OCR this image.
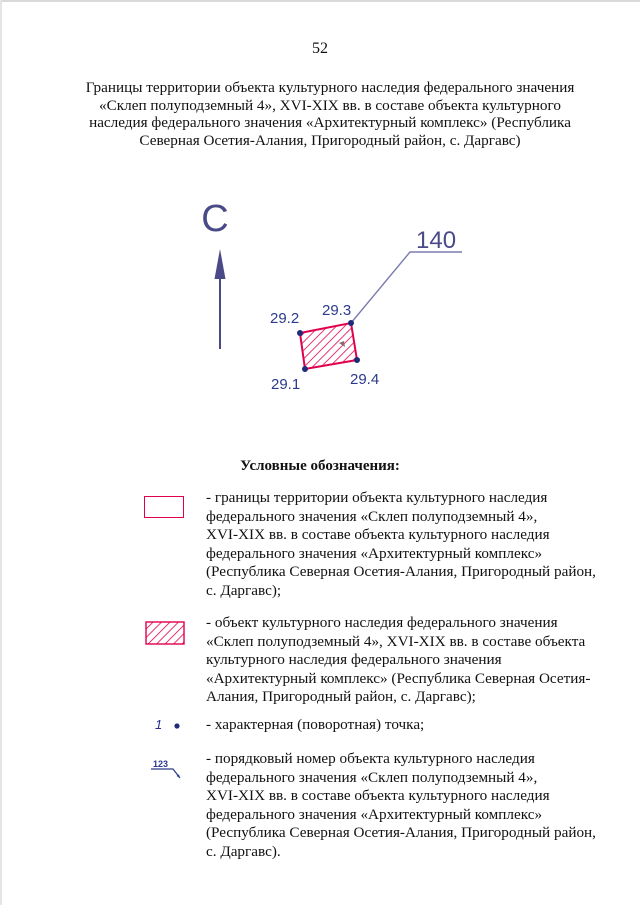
52
Границы территории объекта культурного наследия федерального значения
«Склеп полуподземный 4», XVI-XIX вв. в составе объекта культурного
наследия федерального значения «Архитектурный комплекс» (Республика
Северная Осетия-Алания, Пригородный район, с. Даргавс)
С
140
29.1
29.2 29.3
29.4
Условные обозначения:
- границы территории объекта культурного наследия
федерального значения «Склеп полуподземный 4»,
XVI-XIX вв. в составе объекта культурного наследия
федерального значения «Архитектурный комплекс»
(Республика Северная Осетия-Алания, Пригородный район,
с. Даргавс);
- объект культурного наследия федерального значения
«Склеп полуподземный 4», XVI-XIX вв. в составе объекта
культурного наследия федерального значения
«Архитектурный комплекс» (Республика Северная Осетия-
Алания, Пригородный район, с. Даргавс);
1	- характерная (поворотная) точка;
123 - порядковый номер объекта культурного наследия
федерального значения «Склеп полуподземный 4»,
XVI-XIX вв. в составе объекта культурного наследия
федерального значения «Архитектурный комплекс»
(Республика Северная Осетия-Алания, Пригородный район,
с. Даргавс).
